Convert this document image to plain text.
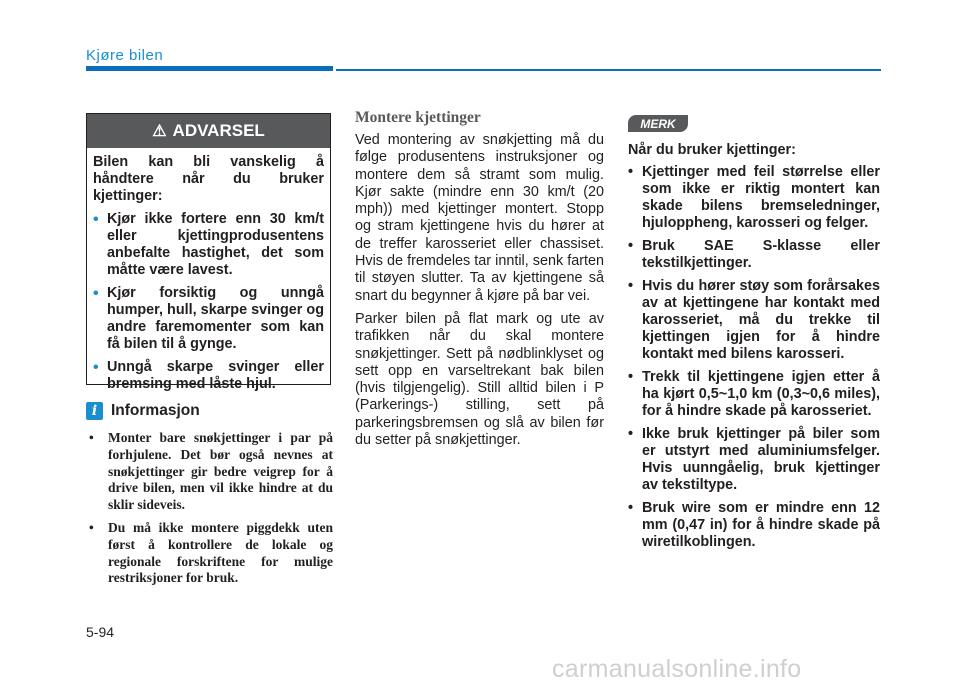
Kjøre bilen
⚠ ADVARSEL

Bilen kan bli vanskelig å håndtere når du bruker kjettinger:

• Kjør ikke fortere enn 30 km/t eller kjettingprodusentens anbefalte hastighet, det som måtte være lavest.
• Kjør forsiktig og unngå humper, hull, skarpe svinger og andre faremomenter som kan få bilen til å gynge.
• Unngå skarpe svinger eller bremsing med låste hjul.
i Informasjon
• Monter bare snøkjettinger i par på forhjulene. Det bør også nevnes at snøkjettinger gir bedre veigrep for å drive bilen, men vil ikke hindre at du sklir sideveis.
• Du må ikke montere piggdekk uten først å kontrollere de lokale og regionale forskriftene for mulige restriksjoner for bruk.
Montere kjettinger

Ved montering av snøkjetting må du følge produsentens instruksjoner og montere dem så stramt som mulig. Kjør sakte (mindre enn 30 km/t (20 mph)) med kjettinger montert. Stopp og stram kjettingene hvis du hører at de treffer karosseriet eller chassiset. Hvis de fremdeles tar inntil, senk farten til støyen slutter. Ta av kjettingene så snart du begynner å kjøre på bar vei.

Parker bilen på flat mark og ute av trafikken når du skal montere snøkjettinger. Sett på nødblinklyset og sett opp en varseltrekant bak bilen (hvis tilgjengelig). Still alltid bilen i P (Parkerings-) stilling, sett på parkeringsbremsen og slå av bilen før du setter på snøkjettinger.

MERK

Når du bruker kjettinger:

• Kjettinger med feil størrelse eller som ikke er riktig montert kan skade bilens bremseledninger, hjuloppheng, karosseri og felger.
• Bruk SAE S-klasse eller tekstilkjettinger.
• Hvis du hører støy som forårsakes av at kjettingene har kontakt med karosseriet, må du trekke til kjettingen igjen for å hindre kontakt med bilens karosseri.
• Trekk til kjettingene igjen etter å ha kjørt 0,5~1,0 km (0,3~0,6 miles), for å hindre skade på karosseriet.
• Ikke bruk kjettinger på biler som er utstyrt med aluminiumsfelger. Hvis uunngåelig, bruk kjettinger av tekstiltype.
• Bruk wire som er mindre enn 12 mm (0,47 in) for å hindre skade på wiretilkoblingen.
5-94
carmanualsonline.info
